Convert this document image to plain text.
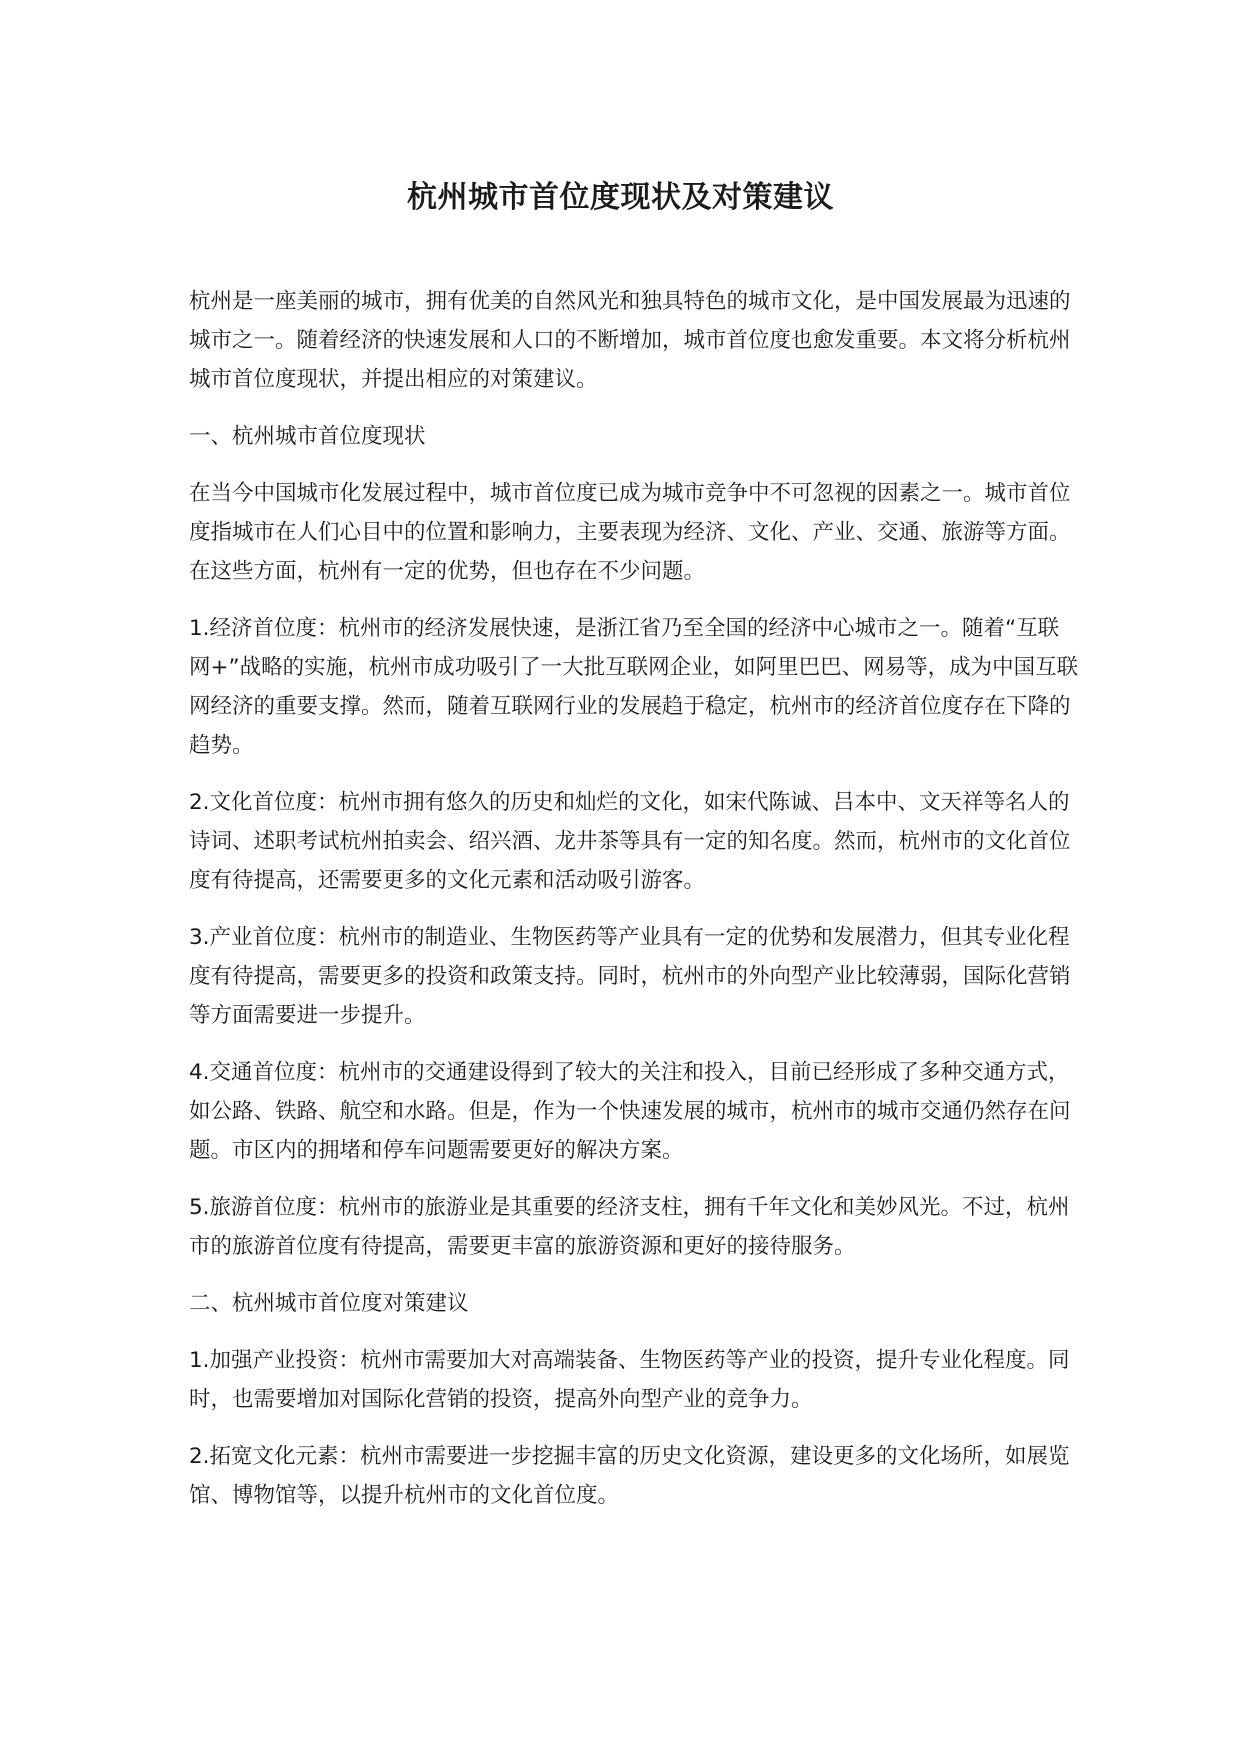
杭州城市首位度现状及对策建议

杭州是一座美丽的城市，拥有优美的自然风光和独具特色的城市文化，是中国发展最为迅速的城市之一。随着经济的快速发展和人口的不断增加，城市首位度也愈发重要。本文将分析杭州城市首位度现状，并提出相应的对策建议。

一、杭州城市首位度现状

在当今中国城市化发展过程中，城市首位度已成为城市竞争中不可忽视的因素之一。城市首位度指城市在人们心目中的位置和影响力，主要表现为经济、文化、产业、交通、旅游等方面。在这些方面，杭州有一定的优势，但也存在不少问题。

1.经济首位度：杭州市的经济发展快速，是浙江省乃至全国的经济中心城市之一。随着“互联网+”战略的实施，杭州市成功吸引了一大批互联网企业，如阿里巴巴、网易等，成为中国互联网经济的重要支撑。然而，随着互联网行业的发展趋于稳定，杭州市的经济首位度存在下降的趋势。

2.文化首位度：杭州市拥有悠久的历史和灿烂的文化，如宋代陈诚、吕本中、文天祥等名人的诗词、述职考试杭州拍卖会、绍兴酒、龙井茶等具有一定的知名度。然而，杭州市的文化首位度有待提高，还需要更多的文化元素和活动吸引游客。

3.产业首位度：杭州市的制造业、生物医药等产业具有一定的优势和发展潜力，但其专业化程度有待提高，需要更多的投资和政策支持。同时，杭州市的外向型产业比较薄弱，国际化营销等方面需要进一步提升。

4.交通首位度：杭州市的交通建设得到了较大的关注和投入，目前已经形成了多种交通方式，如公路、铁路、航空和水路。但是，作为一个快速发展的城市，杭州市的城市交通仍然存在问题。市区内的拥堵和停车问题需要更好的解决方案。

5.旅游首位度：杭州市的旅游业是其重要的经济支柱，拥有千年文化和美妙风光。不过，杭州市的旅游首位度有待提高，需要更丰富的旅游资源和更好的接待服务。

二、杭州城市首位度对策建议

1.加强产业投资：杭州市需要加大对高端装备、生物医药等产业的投资，提升专业化程度。同时，也需要增加对国际化营销的投资，提高外向型产业的竞争力。

2.拓宽文化元素：杭州市需要进一步挖掘丰富的历史文化资源，建设更多的文化场所，如展览馆、博物馆等，以提升杭州市的文化首位度。
